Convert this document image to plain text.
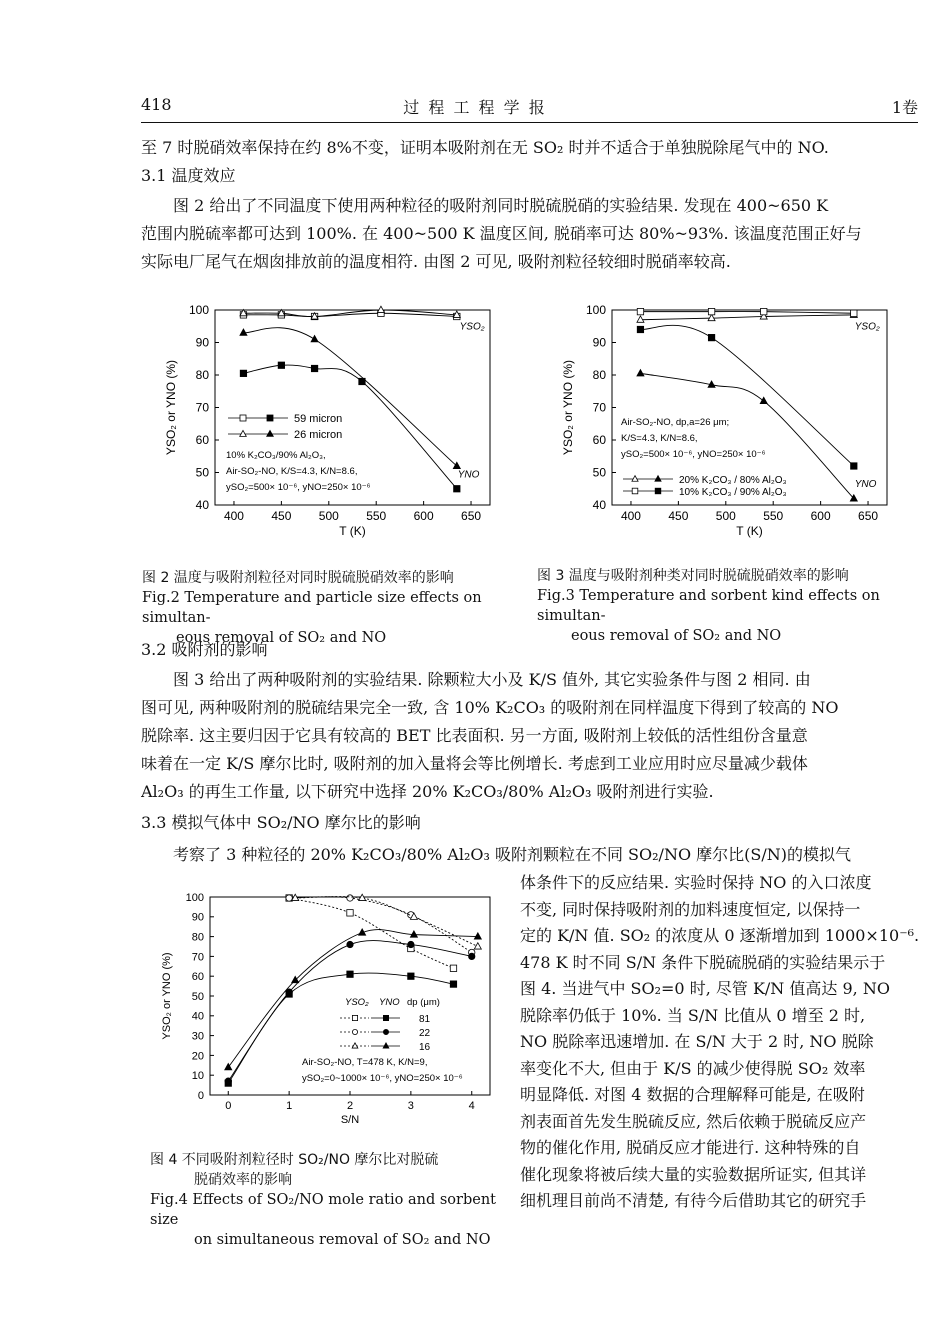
418	过 程 工 程 学 报	1卷
至 7 时脱硝效率保持在约 8%不变，证明本吸附剂在无 SO₂ 时并不适合于单独脱除尾气中的 NO.
3.1 温度效应
　　图 2 给出了不同温度下使用两种粒径的吸附剂同时脱硫脱硝的实验结果. 发现在 400~650 K
范围内脱硫率都可达到 100%. 在 400~500 K 温度区间, 脱硝率可达 80%~93%. 该温度范围正好与
实际电厂尾气在烟囱排放前的温度相符. 由图 2 可见, 吸附剂粒径较细时脱硝率较高.
400 450 500 550 600 650
40
50
60
70
80
90
100
T (K)
YSO₂ or YNO (%)
YSO₂
YNO
59 micron
26 micron
10% K₂CO₃/90% Al₂O₃,
Air-SO₂-NO, K/S=4.3, K/N=8.6,
ySO₂=500× 10⁻⁶, yNO=250× 10⁻⁶
图 2 温度与吸附剂粒径对同时脱硫脱硝效率的影响
Fig.2 Temperature and particle size effects on simultan-
eous removal of SO₂ and NO
400 450 500 550 600 650
40
50
60
70
80
90
100
T (K)
YSO₂ or YNO (%)
YSO₂
YNO
Air-SO₂-NO, dp,a=26 μm;
K/S=4.3, K/N=8.6,
ySO₂=500× 10⁻⁶, yNO=250× 10⁻⁶
20% K₂CO₃ / 80% Al₂O₃
10% K₂CO₃ / 90% Al₂O₃
图 3 温度与吸附剂种类对同时脱硫脱硝效率的影响
Fig.3 Temperature and sorbent kind effects on simultan-
eous removal of SO₂ and NO
3.2 吸附剂的影响
　　图 3 给出了两种吸附剂的实验结果. 除颗粒大小及 K/S 值外, 其它实验条件与图 2 相同. 由
图可见, 两种吸附剂的脱硫结果完全一致, 含 10% K₂CO₃ 的吸附剂在同样温度下得到了较高的 NO
脱除率. 这主要归因于它具有较高的 BET 比表面积. 另一方面, 吸附剂上较低的活性组份含量意
味着在一定 K/S 摩尔比时, 吸附剂的加入量将会等比例增长. 考虑到工业应用时应尽量减少载体
Al₂O₃ 的再生工作量, 以下研究中选择 20% K₂CO₃/80% Al₂O₃ 吸附剂进行实验.
3.3 模拟气体中 SO₂/NO 摩尔比的影响
　　考察了 3 种粒径的 20% K₂CO₃/80% Al₂O₃ 吸附剂颗粒在不同 SO₂/NO 摩尔比(S/N)的模拟气
0	1	2	3	4
0
10
20
30
40
50
60
70
80
90
100
S/N
YSO₂ or YNO (%)	YSO₂ YNO dp (μm)
81
22
16
Air-SO₂-NO, T=478 K, K/N=9,
ySO₂=0~1000× 10⁻⁶, yNO=250× 10⁻⁶
图 4 不同吸附剂粒径时 SO₂/NO 摩尔比对脱硫

脱硝效率的影响
Fig.4 Effects of SO₂/NO mole ratio and sorbent size

on simultaneous removal of SO₂ and NO
体条件下的反应结果. 实验时保持 NO 的入口浓度
不变, 同时保持吸附剂的加料速度恒定, 以保持一
定的 K/N 值. SO₂ 的浓度从 0 逐渐增加到 1000×10⁻⁶.
478 K 时不同 S/N 条件下脱硫脱硝的实验结果示于
图 4. 当进气中 SO₂=0 时, 尽管 K/N 值高达 9, NO
脱除率仍低于 10%. 当 S/N 比值从 0 增至 2 时,
NO 脱除率迅速增加. 在 S/N 大于 2 时, NO 脱除
率变化不大, 但由于 K/S 的减少使得脱 SO₂ 效率
明显降低. 对图 4 数据的合理解释可能是, 在吸附
剂表面首先发生脱硫反应, 然后依赖于脱硫反应产
物的催化作用, 脱硝反应才能进行. 这种特殊的自
催化现象将被后续大量的实验数据所证实, 但其详
细机理目前尚不清楚, 有待今后借助其它的研究手
